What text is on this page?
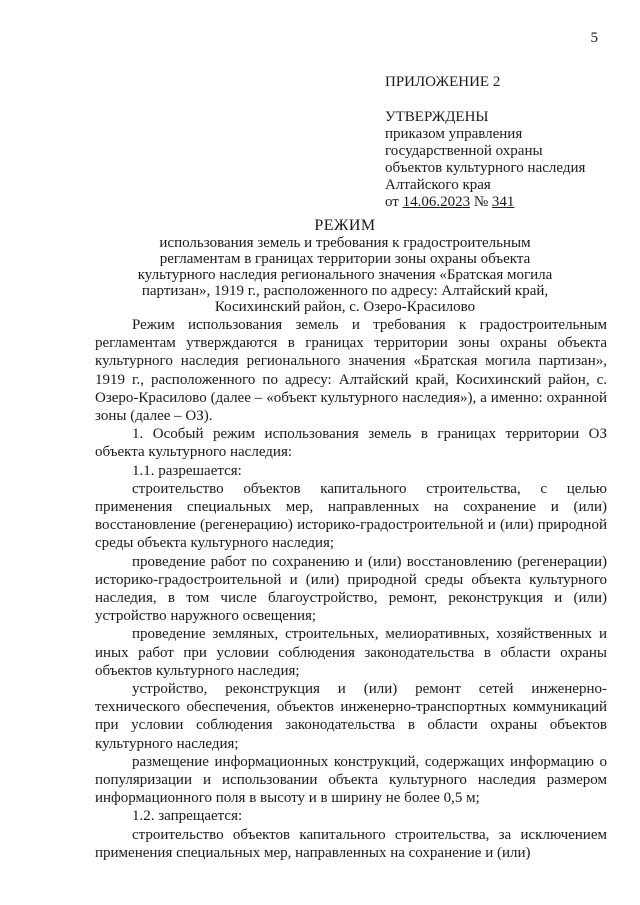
5
ПРИЛОЖЕНИЕ 2
УТВЕРЖДЕНЫ
приказом управления
государственной охраны
объектов культурного наследия
Алтайского края
от 14.06.2023 № 341
РЕЖИМ
использования земель и требования к градостроительным
регламентам в границах территории зоны охраны объекта
культурного наследия регионального значения «Братская могила
партизан», 1919 г., расположенного по адресу: Алтайский край,
Косихинский район, с. Озеро-Красилово

Режим использования земель и требования к градостроительным регламентам утверждаются в границах территории зоны охраны объекта культурного наследия регионального значения «Братская могила партизан», 1919 г., расположенного по адресу: Алтайский край, Косихинский район, с. Озеро-Красилово (далее – «объект культурного наследия»), а именно: охранной зоны (далее – ОЗ).

1. Особый режим использования земель в границах территории ОЗ объекта культурного наследия:

1.1. разрешается:

строительство объектов капитального строительства, с целью применения специальных мер, направленных на сохранение и (или) восстановление (регенерацию) историко-градостроительной и (или) природной среды объекта культурного наследия;

проведение работ по сохранению и (или) восстановлению (регенерации) историко-градостроительной и (или) природной среды объекта культурного наследия, в том числе благоустройство, ремонт, реконструкция и (или) устройство наружного освещения;

проведение земляных, строительных, мелиоративных, хозяйственных и иных работ при условии соблюдения законодательства в области охраны объектов культурного наследия;

устройство, реконструкция и (или) ремонт сетей инженерно-технического обеспечения, объектов инженерно-транспортных коммуникаций при условии соблюдения законодательства в области охраны объектов культурного наследия;

размещение информационных конструкций, содержащих информацию о популяризации и использовании объекта культурного наследия размером информационного поля в высоту и в ширину не более 0,5 м;

1.2. запрещается:

строительство объектов капитального строительства, за исключением применения специальных мер, направленных на сохранение и (или)
